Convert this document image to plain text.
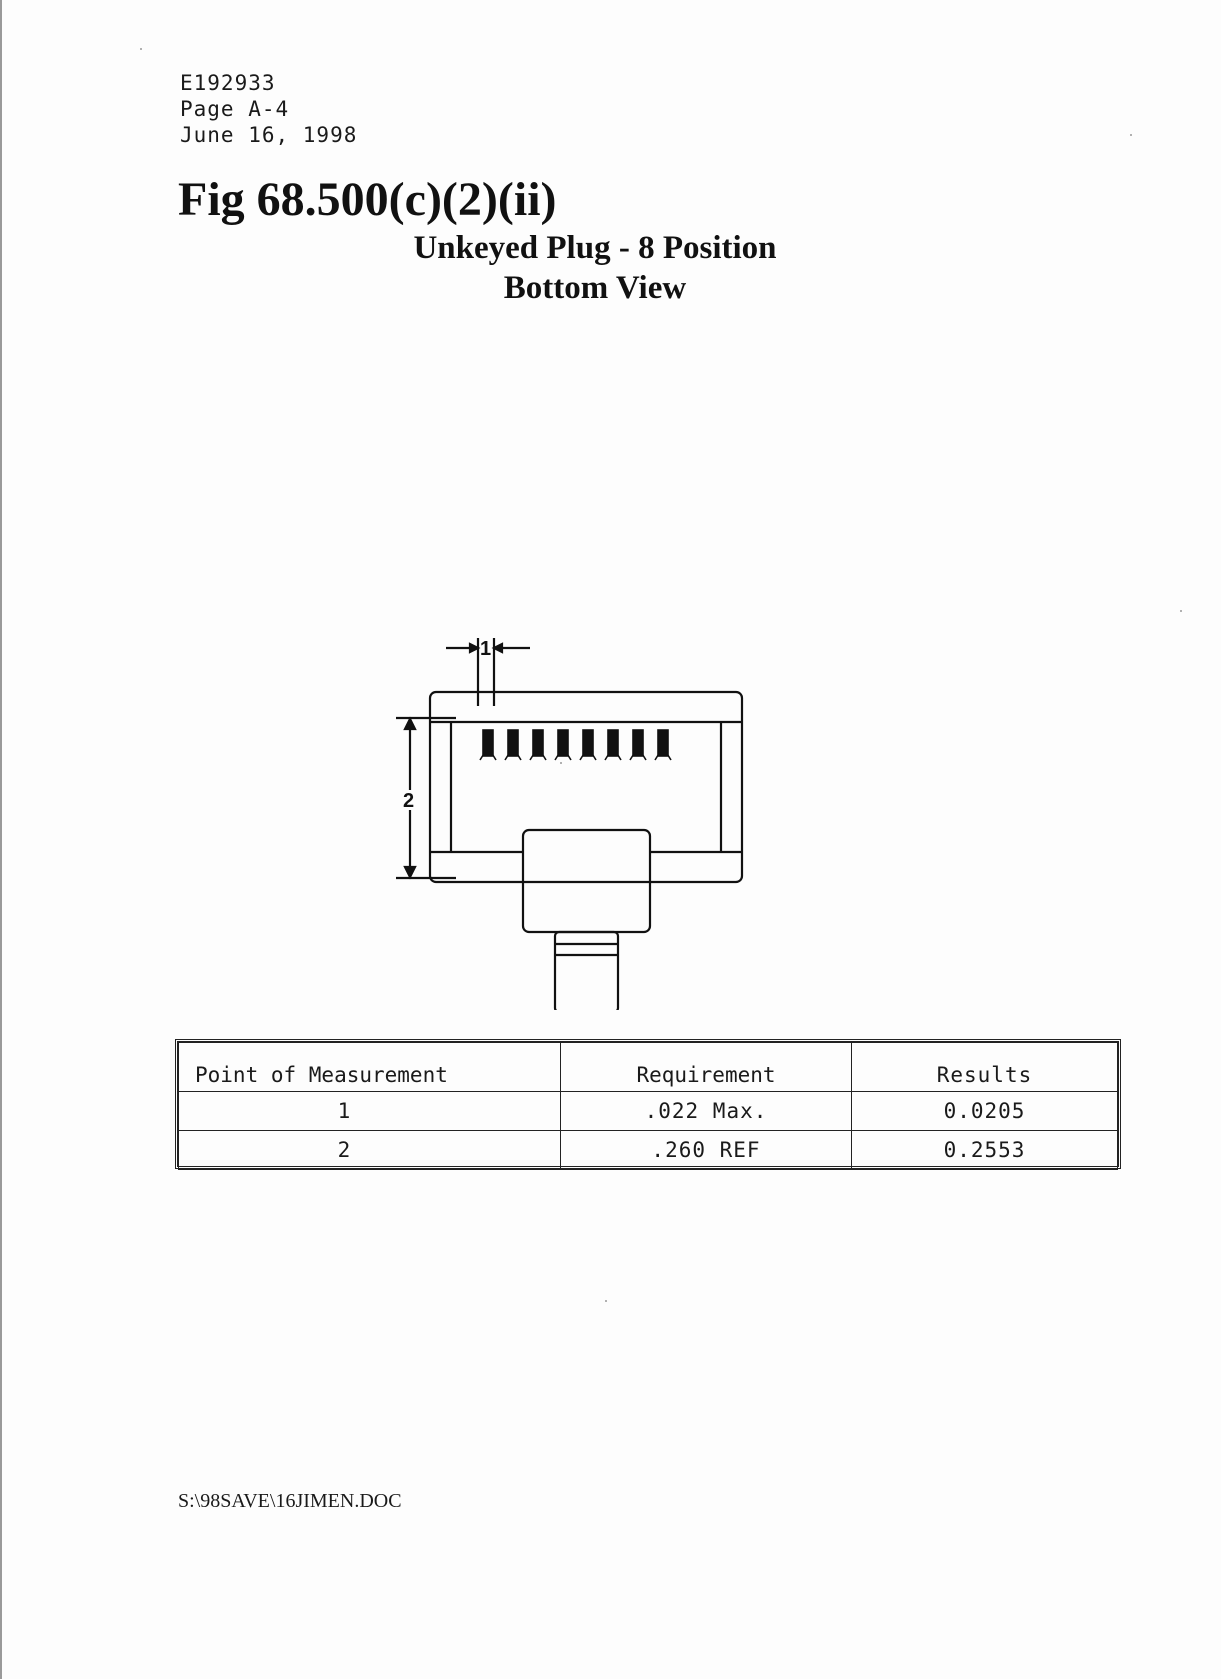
E192933
Page A-4
June 16, 1998
Fig 68.500(c)(2)(ii)
Unkeyed Plug - 8 Position
Bottom View
1
2
Point of Measurement	Requirement	Results
1	.022 Max.	0.0205
2	.260 REF	0.2553
S:\98SAVE\16JIMEN.DOC
